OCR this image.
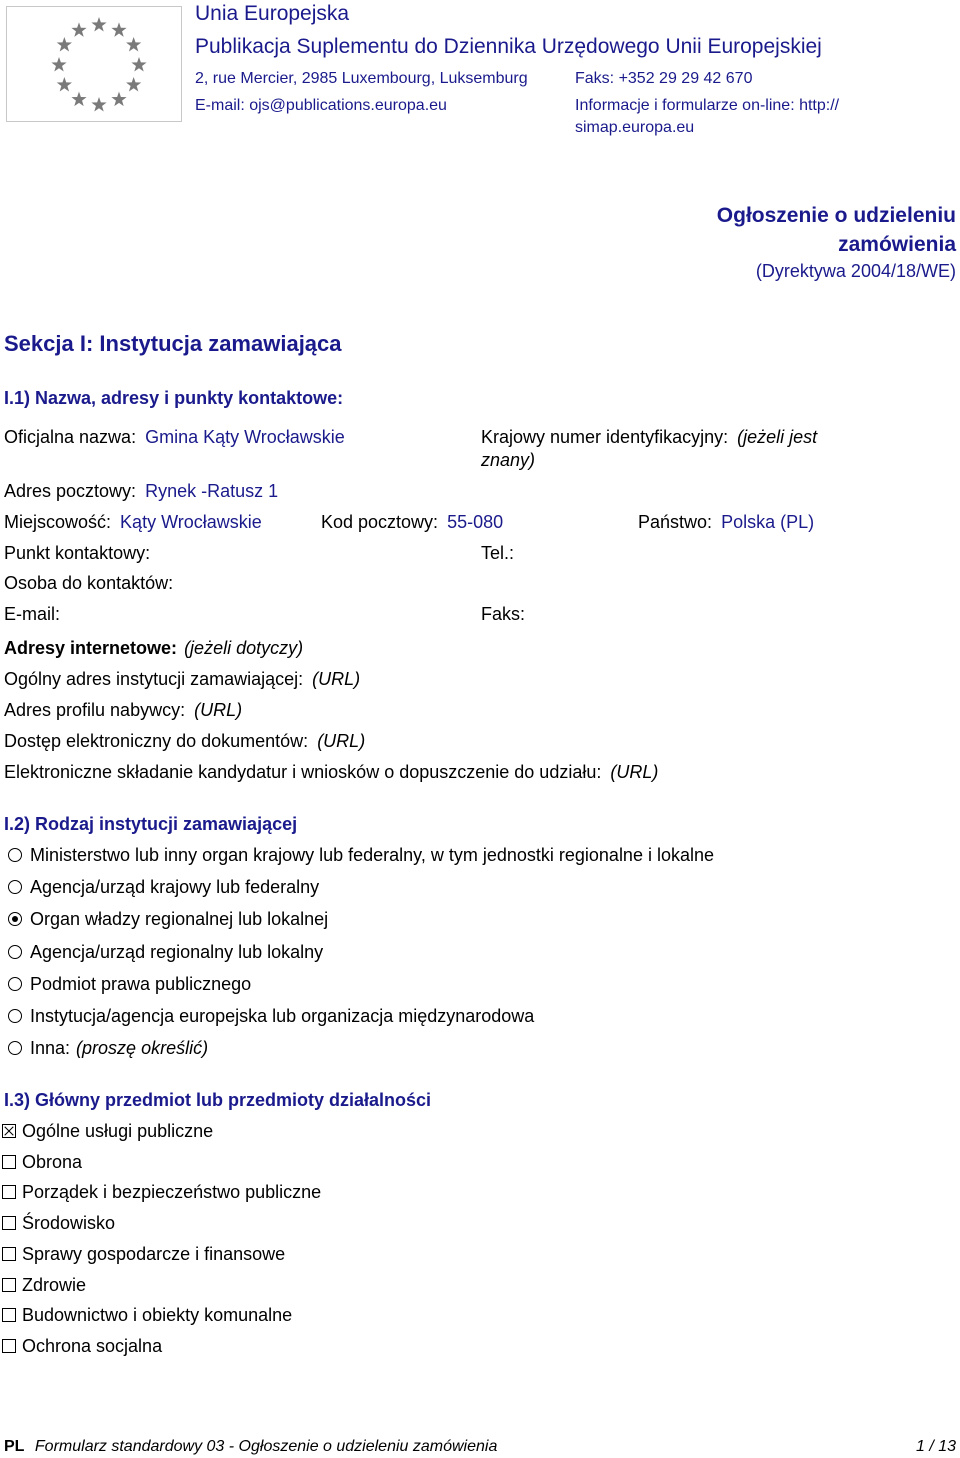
Unia Europejska
Publikacja Suplementu do Dziennika Urzędowego Unii Europejskiej
2, rue Mercier, 2985 Luxembourg, Luksemburg	Faks: +352 29 29 42 670
E-mail: ojs@publications.europa.eu	Informacje i formularze on-line: http://
simap.europa.eu
Ogłoszenie o udzieleniu
zamówienia
(Dyrektywa 2004/18/WE)
Sekcja I: Instytucja zamawiająca
I.1) Nazwa, adresy i punkty kontaktowe:
Oficjalna nazwa: Gmina Kąty Wrocławskie	Krajowy numer identyfikacyjny: (jeżeli jest
znany)
Adres pocztowy: Rynek -Ratusz 1
Miejscowość: Kąty Wrocławskie	Kod pocztowy: 55-080	Państwo: Polska (PL)
Punkt kontaktowy:	Tel.:
Osoba do kontaktów:
E-mail:	Faks:
Adresy internetowe: (jeżeli dotyczy)
Ogólny adres instytucji zamawiającej: (URL)
Adres profilu nabywcy: (URL)
Dostęp elektroniczny do dokumentów: (URL)
Elektroniczne składanie kandydatur i wniosków o dopuszczenie do udziału: (URL)
I.2) Rodzaj instytucji zamawiającej
Ministerstwo lub inny organ krajowy lub federalny, w tym jednostki regionalne i lokalne
Agencja/urząd krajowy lub federalny
Organ władzy regionalnej lub lokalnej
Agencja/urząd regionalny lub lokalny
Podmiot prawa publicznego
Instytucja/agencja europejska lub organizacja międzynarodowa
Inna: (proszę określić)
I.3) Główny przedmiot lub przedmioty działalności
Ogólne usługi publiczne
Obrona
Porządek i bezpieczeństwo publiczne
Środowisko
Sprawy gospodarcze i finansowe
Zdrowie
Budownictwo i obiekty komunalne
Ochrona socjalna
PL Formularz standardowy 03 - Ogłoszenie o udzieleniu zamówienia	1 / 13
